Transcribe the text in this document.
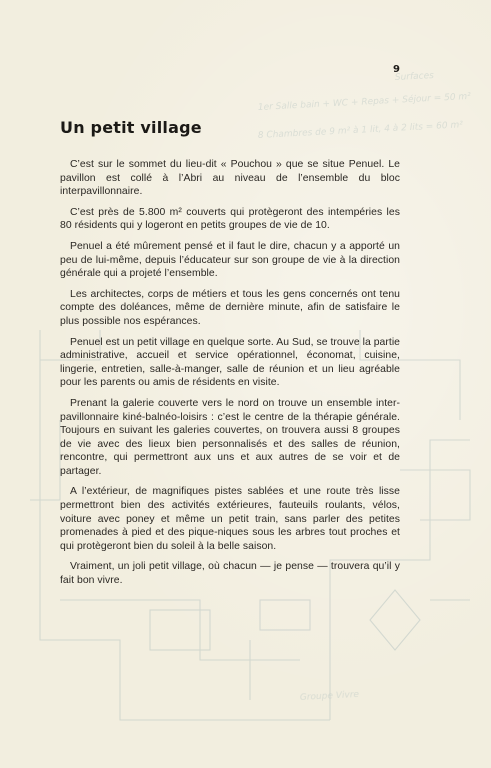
Surfaces
1er Salle bain + WC + Repas + Séjour = 50 m²
8 Chambres de 9 m² à 1 lit, 4 à 2 lits = 60 m²
Groupe Vivre
9
Un petit village

C’est sur le sommet du lieu-dit « Pouchou » que se situe Penuel. Le pavillon est collé à l’Abri au niveau de l’ensemble du bloc interpavillonnaire.

C’est près de 5.800 m² couverts qui protègeront des intempéries les 80 résidents qui y logeront en petits groupes de vie de 10.

Penuel a été mûrement pensé et il faut le dire, chacun y a apporté un peu de lui-même, depuis l’éducateur sur son groupe de vie à la direction générale qui a projeté l’ensemble.

Les architectes, corps de métiers et tous les gens concernés ont tenu compte des doléances, même de dernière minute, afin de satisfaire le plus possible nos espérances.

Penuel est un petit village en quelque sorte. Au Sud, se trouve la partie administrative, accueil et service opérationnel, économat, cuisine, lingerie, entretien, salle-à-manger, salle de réunion et un lieu agréable pour les parents ou amis de résidents en visite.

Prenant la galerie couverte vers le nord on trouve un ensemble inter-pavillonnaire kiné-balnéo-loisirs : c’est le centre de la thérapie générale. Toujours en suivant les galeries couvertes, on trouvera aussi 8 groupes de vie avec des lieux bien personnalisés et des salles de réunion, rencontre, qui permettront aux uns et aux autres de se voir et de partager.

A l’extérieur, de magnifiques pistes sablées et une route très lisse permettront bien des activités extérieures, fauteuils roulants, vélos, voiture avec poney et même un petit train, sans parler des petites promenades à pied et des pique-niques sous les arbres tout proches et qui protègeront bien du soleil à la belle saison.

Vraiment, un joli petit village, où chacun — je pense — trouvera qu’il y fait bon vivre.
